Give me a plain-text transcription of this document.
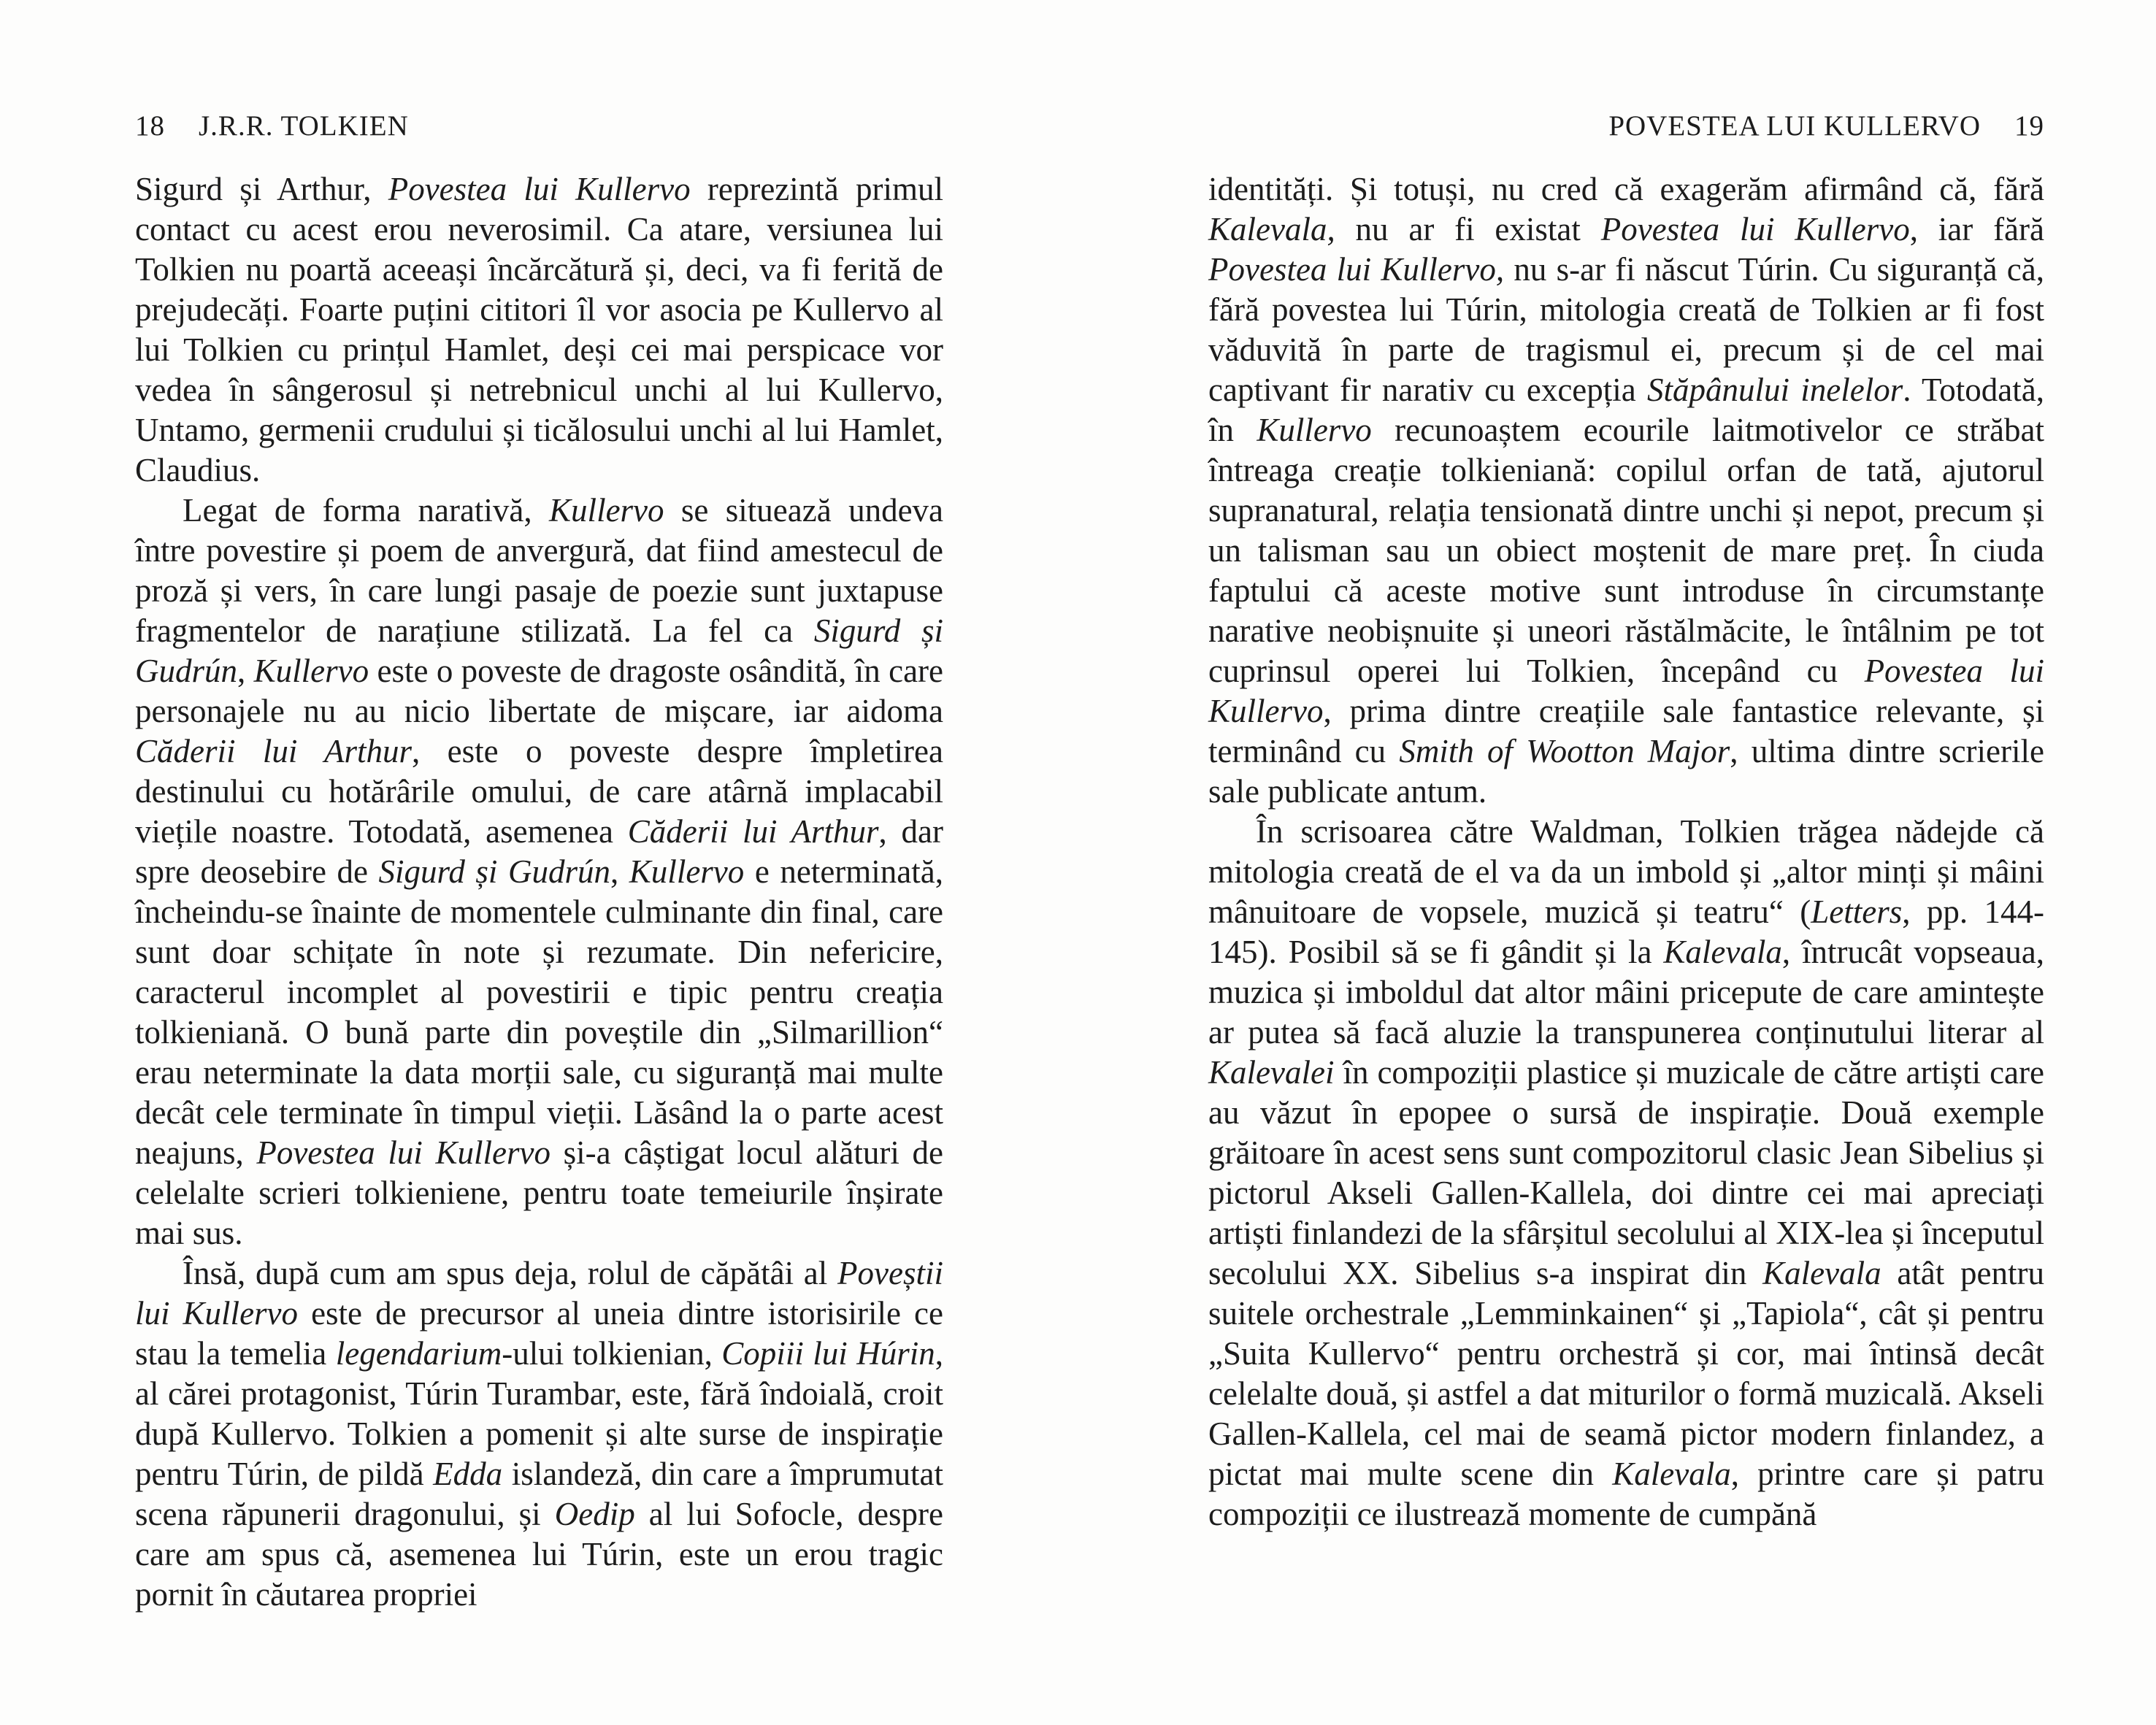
18 J.R.R. TOLKIEN

Sigurd și Arthur, Povestea lui Kullervo reprezintă primul contact cu acest erou neverosimil. Ca atare, versiunea lui Tolkien nu poartă aceeași încărcătură și, deci, va fi ferită de prejudecăți. Foarte puțini cititori îl vor asocia pe Kullervo al lui Tolkien cu prințul Hamlet, deși cei mai perspicace vor vedea în sângerosul și netrebnicul unchi al lui Kullervo, Untamo, germenii crudului și ticălosului unchi al lui Hamlet, Claudius.

Legat de forma narativă, Kullervo se situează undeva între povestire și poem de anvergură, dat fiind amestecul de proză și vers, în care lungi pasaje de poezie sunt juxtapuse fragmentelor de narațiune stilizată. La fel ca Sigurd și Gudrún, Kullervo este o poveste de dragoste osândită, în care personajele nu au nicio libertate de mișcare, iar aidoma Căderii lui Arthur, este o poveste despre împletirea destinului cu hotărârile omului, de care atârnă implacabil viețile noastre. Totodată, asemenea Căderii lui Arthur, dar spre deosebire de Sigurd și Gudrún, Kullervo e neterminată, încheindu-se înainte de momentele culminante din final, care sunt doar schițate în note și rezumate. Din nefericire, caracterul incomplet al povestirii e tipic pentru creația tolkieniană. O bună parte din poveștile din „Silmarillion“ erau neterminate la data morții sale, cu siguranță mai multe decât cele terminate în timpul vieții. Lăsând la o parte acest neajuns, Povestea lui Kullervo și-a câștigat locul alături de celelalte scrieri tolkieniene, pentru toate temeiurile înșirate mai sus.

Însă, după cum am spus deja, rolul de căpătâi al Poveștii lui Kullervo este de precursor al uneia dintre istorisirile ce stau la temelia legendarium-ului tolkienian, Copiii lui Húrin, al cărei protagonist, Túrin Turambar, este, fără îndoială, croit după Kullervo. Tolkien a pomenit și alte surse de inspirație pentru Túrin, de pildă Edda islandeză, din care a împrumutat scena răpunerii dragonului, și Oedip al lui Sofocle, despre care am spus că, asemenea lui Túrin, este un erou tragic pornit în căutarea propriei

POVESTEA LUI KULLERVO 19

identități. Și totuși, nu cred că exagerăm afirmând că, fără Kalevala, nu ar fi existat Povestea lui Kullervo, iar fără Povestea lui Kullervo, nu s-ar fi născut Túrin. Cu siguranță că, fără povestea lui Túrin, mitologia creată de Tolkien ar fi fost văduvită în parte de tragismul ei, precum și de cel mai captivant fir narativ cu excepția Stăpânului inelelor. Totodată, în Kullervo recunoaștem ecourile laitmotivelor ce străbat întreaga creație tolkieniană: copilul orfan de tată, ajutorul supranatural, relația tensionată dintre unchi și nepot, precum și un talisman sau un obiect moștenit de mare preț. În ciuda faptului că aceste motive sunt introduse în circumstanțe narative neobișnuite și uneori răstălmăcite, le întâlnim pe tot cuprinsul operei lui Tolkien, începând cu Povestea lui Kullervo, prima dintre creațiile sale fantastice relevante, și terminând cu Smith of Wootton Major, ultima dintre scrierile sale publicate antum.

În scrisoarea către Waldman, Tolkien trăgea nădejde că mitologia creată de el va da un imbold și „altor minți și mâini mânuitoare de vopsele, muzică și teatru“ (Letters, pp. 144-145). Posibil să se fi gândit și la Kalevala, întrucât vopseaua, muzica și imboldul dat altor mâini pricepute de care amintește ar putea să facă aluzie la transpunerea conținutului literar al Kalevalei în compoziții plastice și muzicale de către artiști care au văzut în epopee o sursă de inspirație. Două exemple grăitoare în acest sens sunt compozitorul clasic Jean Sibelius și pictorul Akseli Gallen-Kallela, doi dintre cei mai apreciați artiști finlandezi de la sfârșitul secolului al XIX-lea și începutul secolului XX. Sibelius s-a inspirat din Kalevala atât pentru suitele orchestrale „Lemminkainen“ și „Tapiola“, cât și pentru „Suita Kullervo“ pentru orchestră și cor, mai întinsă decât celelalte două, și astfel a dat miturilor o formă muzicală. Akseli Gallen-Kallela, cel mai de seamă pictor modern finlandez, a pictat mai multe scene din Kalevala, printre care și patru compoziții ce ilustrează momente de cumpănă
